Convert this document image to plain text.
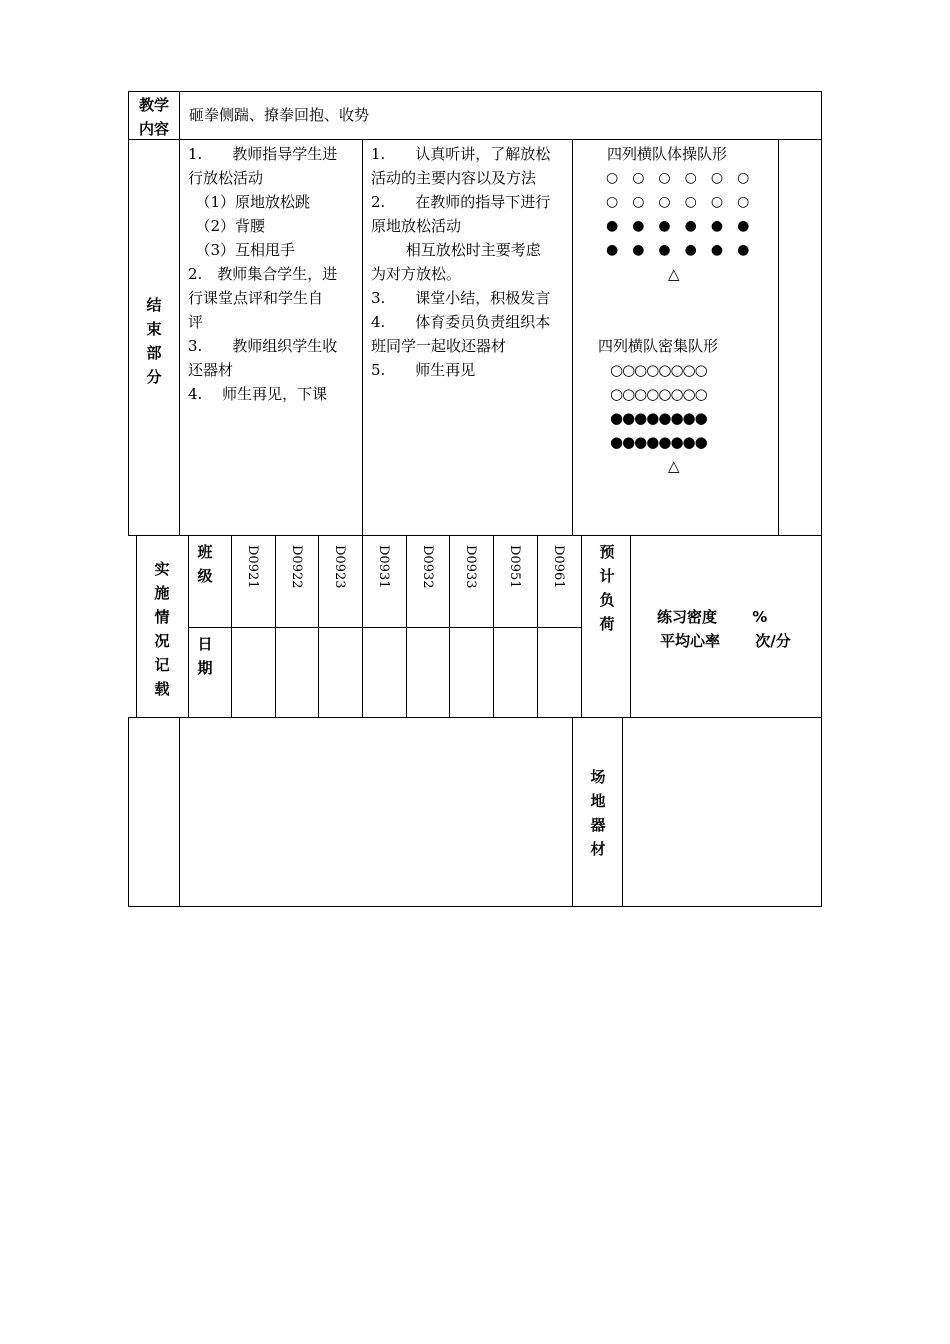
教学内容
砸拳侧踹、撩拳回抱、收势
结束部分
1.　　教师指导学生进
行放松活动
　（1）原地放松跳
　（2）背腰
　（3）互相甩手
2.　教师集合学生，进
行课堂点评和学生自
评
3.　　教师组织学生收
还器材
4.　 师生再见，下课
1.　　认真听讲，了解放松
活动的主要内容以及方法
2.　　在教师的指导下进行
原地放松活动
　　 相互放松时主要考虑
为对方放松。
3.　　课堂小结，积极发言
4.　　体育委员负责组织本
班同学一起收还器材
5.　　师生再见
四列横队体操队形
○　○　○　○　○　○
○　○　○　○　○　○
●　●　●　●　●　●
●　●　●　●　●　●
△
四列横队密集队形
○○○○○○○○
○○○○○○○○
●●●●●●●●
●●●●●●●●
△
实施情况记载
班级
日期
D0921 D0922 D0923 D0931 D0932 D0933 D0951 D0961 预计负荷	练习密度　　 %
平均心率　　 次/分
场地器材
